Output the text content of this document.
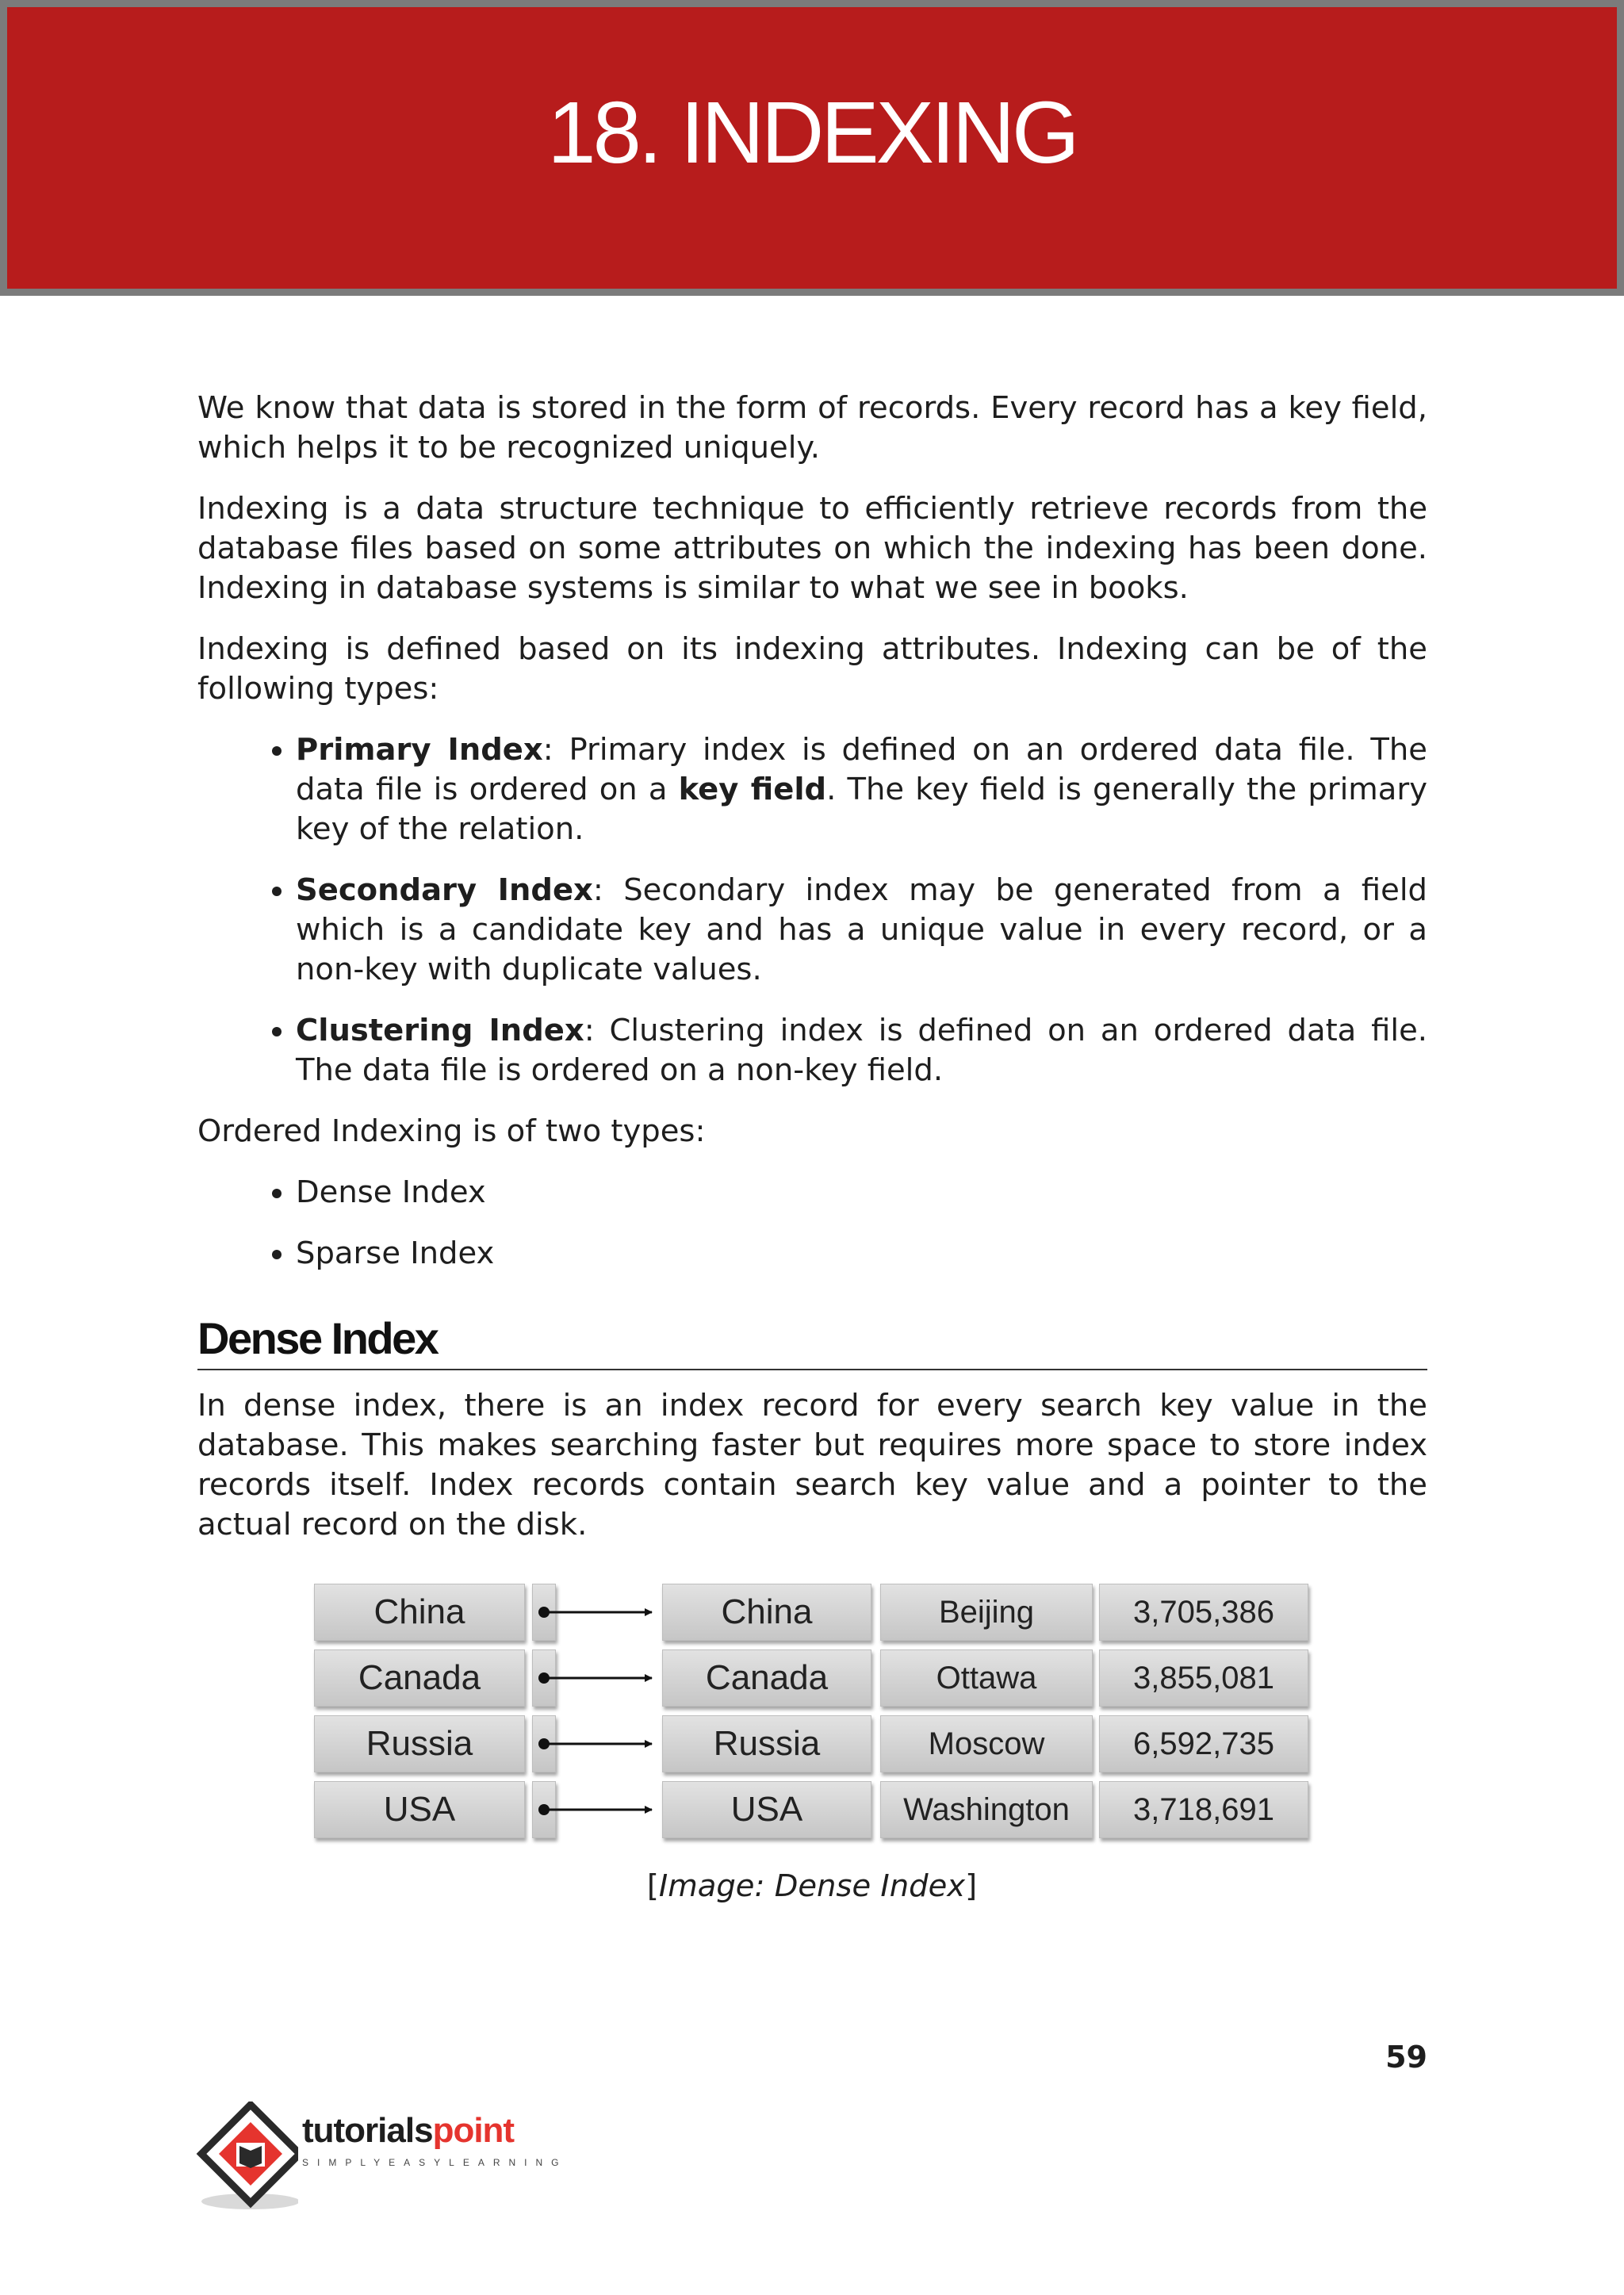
18. INDEXING

We know that data is stored in the form of records. Every record has a key field, which helps it to be recognized uniquely.

Indexing is a data structure technique to efficiently retrieve records from the database files based on some attributes on which the indexing has been done. Indexing in database systems is similar to what we see in books.

Indexing is defined based on its indexing attributes. Indexing can be of the following types:

• Primary Index: Primary index is defined on an ordered data file. The data file is ordered on a key field. The key field is generally the primary key of the relation.
• Secondary Index: Secondary index may be generated from a field which is a candidate key and has a unique value in every record, or a non-key with duplicate values.
• Clustering Index: Clustering index is defined on an ordered data file. The data file is ordered on a non-key field.

Ordered Indexing is of two types:

• Dense Index
• Sparse Index
Dense Index

In dense index, there is an index record for every search key value in the database. This makes searching faster but requires more space to store index records itself. Index records contain search key value and a pointer to the actual record on the disk.

China	China	Beijing	3,705,386
Canada	Canada	Ottawa	3,855,081
Russia	Russia	Moscow	6,592,735
USA	USA	Washington	3,718,691
[Image: Dense Index]
59
tutorialspoint
SIMPLYEASYLEARNING
